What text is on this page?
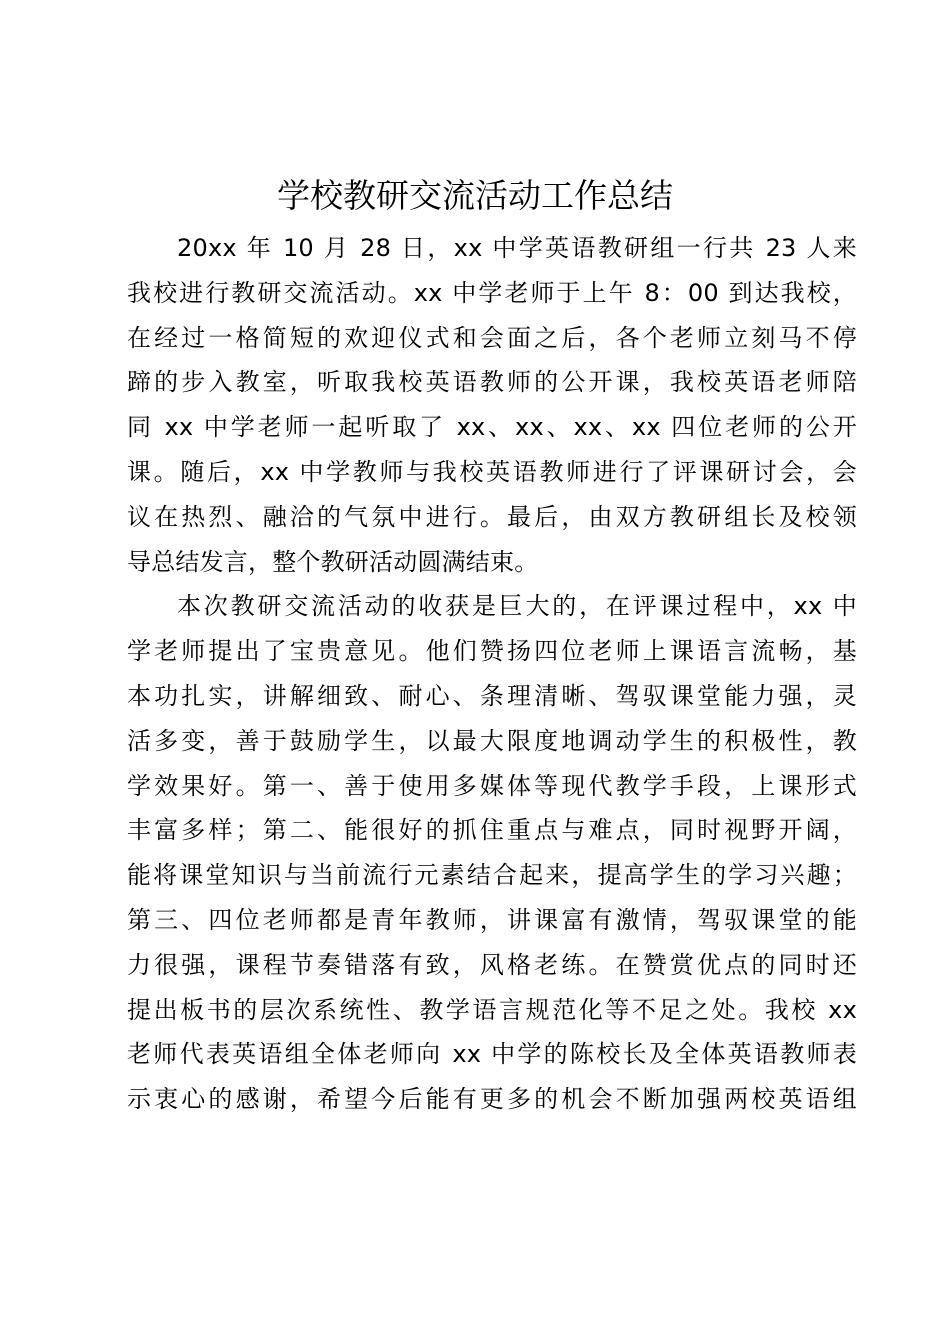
学校教研交流活动工作总结
20xx 年 10 月 28 日，xx 中学英语教研组一行共 23 人来
我校进行教研交流活动。xx 中学老师于上午 8：00 到达我校，
在经过一格简短的欢迎仪式和会面之后，各个老师立刻马不停
蹄的步入教室，听取我校英语教师的公开课，我校英语老师陪
同 xx 中学老师一起听取了 xx、xx、xx、xx 四位老师的公开
课。随后，xx 中学教师与我校英语教师进行了评课研讨会，会
议在热烈、融洽的气氛中进行。最后，由双方教研组长及校领
导总结发言，整个教研活动圆满结束。
本次教研交流活动的收获是巨大的，在评课过程中，xx 中
学老师提出了宝贵意见。他们赞扬四位老师上课语言流畅，基
本功扎实，讲解细致、耐心、条理清晰、驾驭课堂能力强，灵
活多变，善于鼓励学生，以最大限度地调动学生的积极性，教
学效果好。第一、善于使用多媒体等现代教学手段，上课形式
丰富多样；第二、能很好的抓住重点与难点，同时视野开阔，
能将课堂知识与当前流行元素结合起来，提高学生的学习兴趣；
第三、四位老师都是青年教师，讲课富有激情，驾驭课堂的能
力很强，课程节奏错落有致，风格老练。在赞赏优点的同时还
提出板书的层次系统性、教学语言规范化等不足之处。我校 xx
老师代表英语组全体老师向 xx 中学的陈校长及全体英语教师表
示衷心的感谢，希望今后能有更多的机会不断加强两校英语组
